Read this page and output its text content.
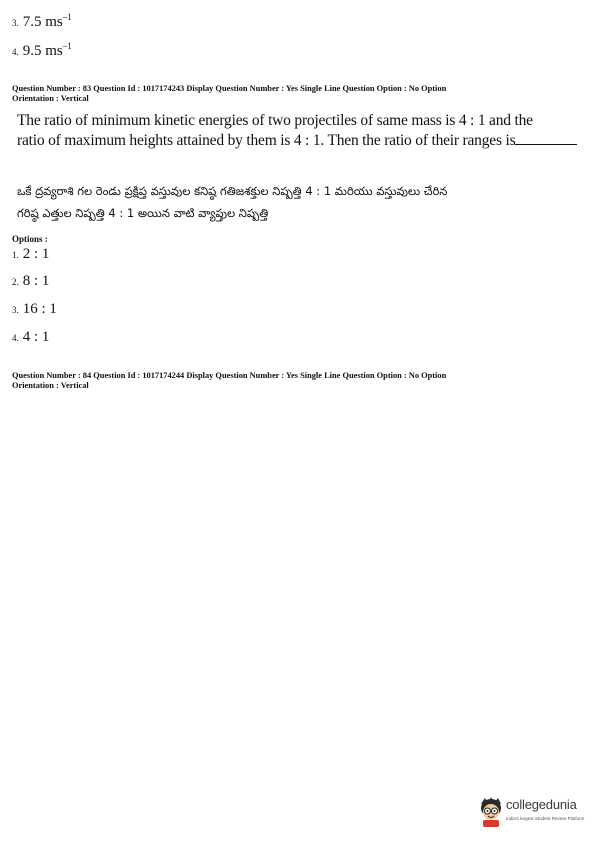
3. 7.5 $ms^{-1}$
4. 9.5 $ms^{-1}$
Question Number : 83 Question Id : 1017174243 Display Question Number : Yes Single Line Question Option : No Option
Orientation : Vertical
The ratio of minimum kinetic energies of two projectiles of same mass is 4 : 1 and the
ratio of maximum heights attained by them is 4 : 1. Then the ratio of their ranges is
ఒకే ద్రవ్యరాశి గల రెండు ప్రక్షిప్త వస్తువుల కనిష్ఠ గతిజశక్తుల నిష్పత్తి 4 : 1 మరియు వస్తువులు చేరిన
గరిష్ఠ ఎత్తుల నిష్పత్తి 4 : 1 అయిన వాటి వ్యాప్తుల నిష్పత్తి
Options :
1. 2 : 1
2. 8 : 1
3. 16 : 1
4. 4 : 1
Question Number : 84 Question Id : 1017174244 Display Question Number : Yes Single Line Question Option : No Option
Orientation : Vertical
collegedunia
India's largest Student Review Platform
